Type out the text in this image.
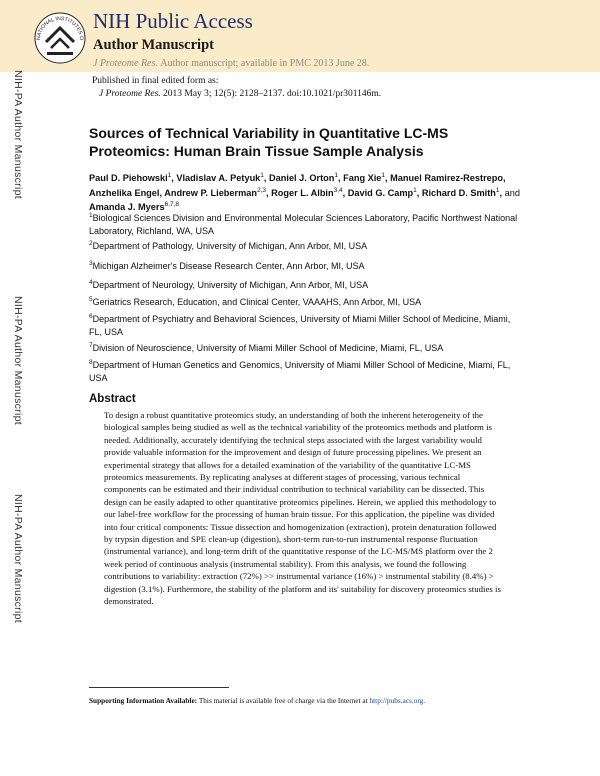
NATIONAL INSTITUTES O
NIH Public Access
Author Manuscript
J Proteome Res. Author manuscript; available in PMC 2013 June 28.
Published in final edited form as:
J Proteome Res. 2013 May 3; 12(5): 2128–2137. doi:10.1021/pr301146m.
NIH-PA Author Manuscript
NIH-PA Author Manuscript
NIH-PA Author Manuscript
Sources of Technical Variability in Quantitative LC-MS Proteomics: Human Brain Tissue Sample Analysis
Paul D. Piehowski$^1$, Vladislav A. Petyuk$^1$, Daniel J. Orton$^1$, Fang Xie$^1$, Manuel Ramirez-Restrepo, Anzhelika Engel, Andrew P. Lieberman$^{2,3}$, Roger L. Albin$^{3,4}$, David G. Camp$^1$, Richard D. Smith$^1$, and Amanda J. Myers$^{6,7,8}$
$^1$Biological Sciences Division and Environmental Molecular Sciences Laboratory, Pacific Northwest National Laboratory, Richland, WA, USA
$^2$Department of Pathology, University of Michigan, Ann Arbor, MI, USA
$^3$Michigan Alzheimer's Disease Research Center, Ann Arbor, MI, USA
$^4$Department of Neurology, University of Michigan, Ann Arbor, MI, USA
$^5$Geriatrics Research, Education, and Clinical Center, VAAAHS, Ann Arbor, MI, USA
$^6$Department of Psychiatry and Behavioral Sciences, University of Miami Miller School of Medicine, Miami, FL, USA
$^7$Division of Neuroscience, University of Miami Miller School of Medicine, Miami, FL, USA
$^8$Department of Human Genetics and Genomics, University of Miami Miller School of Medicine, Miami, FL, USA
Abstract
To design a robust quantitative proteomics study, an understanding of both the inherent heterogeneity of the biological samples being studied as well as the technical variability of the proteomics methods and platform is needed. Additionally, accurately identifying the technical steps associated with the largest variability would provide valuable information for the improvement and design of future processing pipelines. We present an experimental strategy that allows for a detailed examination of the variability of the quantitative LC-MS proteomics measurements. By replicating analyses at different stages of processing, various technical components can be estimated and their individual contribution to technical variability can be dissected. This design can be easily adapted to other quantitative proteomics pipelines. Herein, we applied this methodology to our label-free workflow for the processing of human brain tissue. For this application, the pipeline was divided into four critical components: Tissue dissection and homogenization (extraction), protein denaturation followed by trypsin digestion and SPE clean-up (digestion), short-term run-to-run instrumental response fluctuation (instrumental variance), and long-term drift of the quantitative response of the LC-MS/MS platform over the 2 week period of continuous analysis (instrumental stability). From this analysis, we found the following contributions to variability: extraction (72%) >> instrumental variance (16%) > instrumental stability (8.4%) > digestion (3.1%). Furthermore, the stability of the platform and its' suitability for discovery proteomics studies is demonstrated.
Supporting Information Available: This material is available free of charge via the Internet at http://pubs.acs.org.
